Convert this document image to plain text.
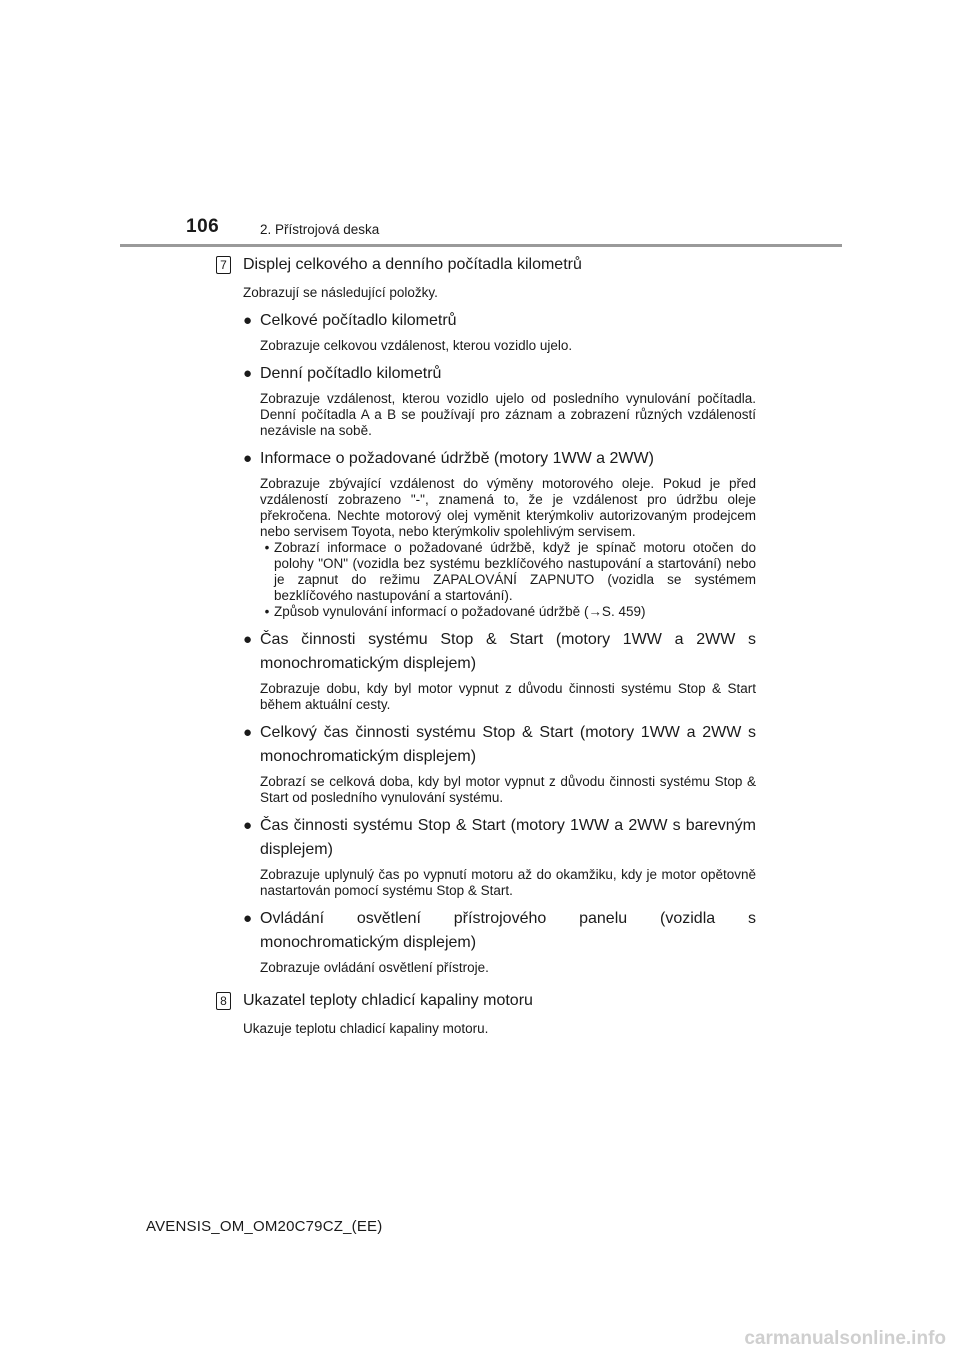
106	2. Přístrojová deska
7 Displej celkového a denního počítadla kilometrů
Zobrazují se následující položky.
● Celkové počítadlo kilometrů
Zobrazuje celkovou vzdálenost, kterou vozidlo ujelo.
● Denní počítadlo kilometrů
Zobrazuje vzdálenost, kterou vozidlo ujelo od posledního vynulování počítadla. Denní počítadla A a B se používají pro záznam a zobrazení různých vzdáleností nezávisle na sobě.
● Informace o požadované údržbě (motory 1WW a 2WW)
Zobrazuje zbývající vzdálenost do výměny motorového oleje. Pokud je před vzdáleností zobrazeno "-", znamená to, že je vzdálenost pro údržbu oleje překročena. Nechte motorový olej vyměnit kterýmkoliv autorizovaným prodejcem nebo servisem Toyota, nebo kterýmkoliv spolehlivým servisem.
• Zobrazí informace o požadované údržbě, když je spínač motoru otočen do polohy "ON" (vozidla bez systému bezklíčového nastupování a startování) nebo je zapnut do režimu ZAPALOVÁNÍ ZAPNUTO (vozidla se systémem bezklíčového nastupování a startování).
• Způsob vynulování informací o požadované údržbě (→S. 459)
● Čas činnosti systému Stop & Start (motory 1WW a 2WW s monochromatickým displejem)
Zobrazuje dobu, kdy byl motor vypnut z důvodu činnosti systému Stop & Start během aktuální cesty.
● Celkový čas činnosti systému Stop & Start (motory 1WW a 2WW s monochromatickým displejem)
Zobrazí se celková doba, kdy byl motor vypnut z důvodu činnosti systému Stop & Start od posledního vynulování systému.
● Čas činnosti systému Stop & Start (motory 1WW a 2WW s barevným displejem)
Zobrazuje uplynulý čas po vypnutí motoru až do okamžiku, kdy je motor opětovně nastartován pomocí systému Stop & Start.
● Ovládání osvětlení přístrojového panelu (vozidla s monochromatickým displejem)
Zobrazuje ovládání osvětlení přístroje.
8 Ukazatel teploty chladicí kapaliny motoru
Ukazuje teplotu chladicí kapaliny motoru.
AVENSIS_OM_OM20C79CZ_(EE)
carmanualsonline.info
